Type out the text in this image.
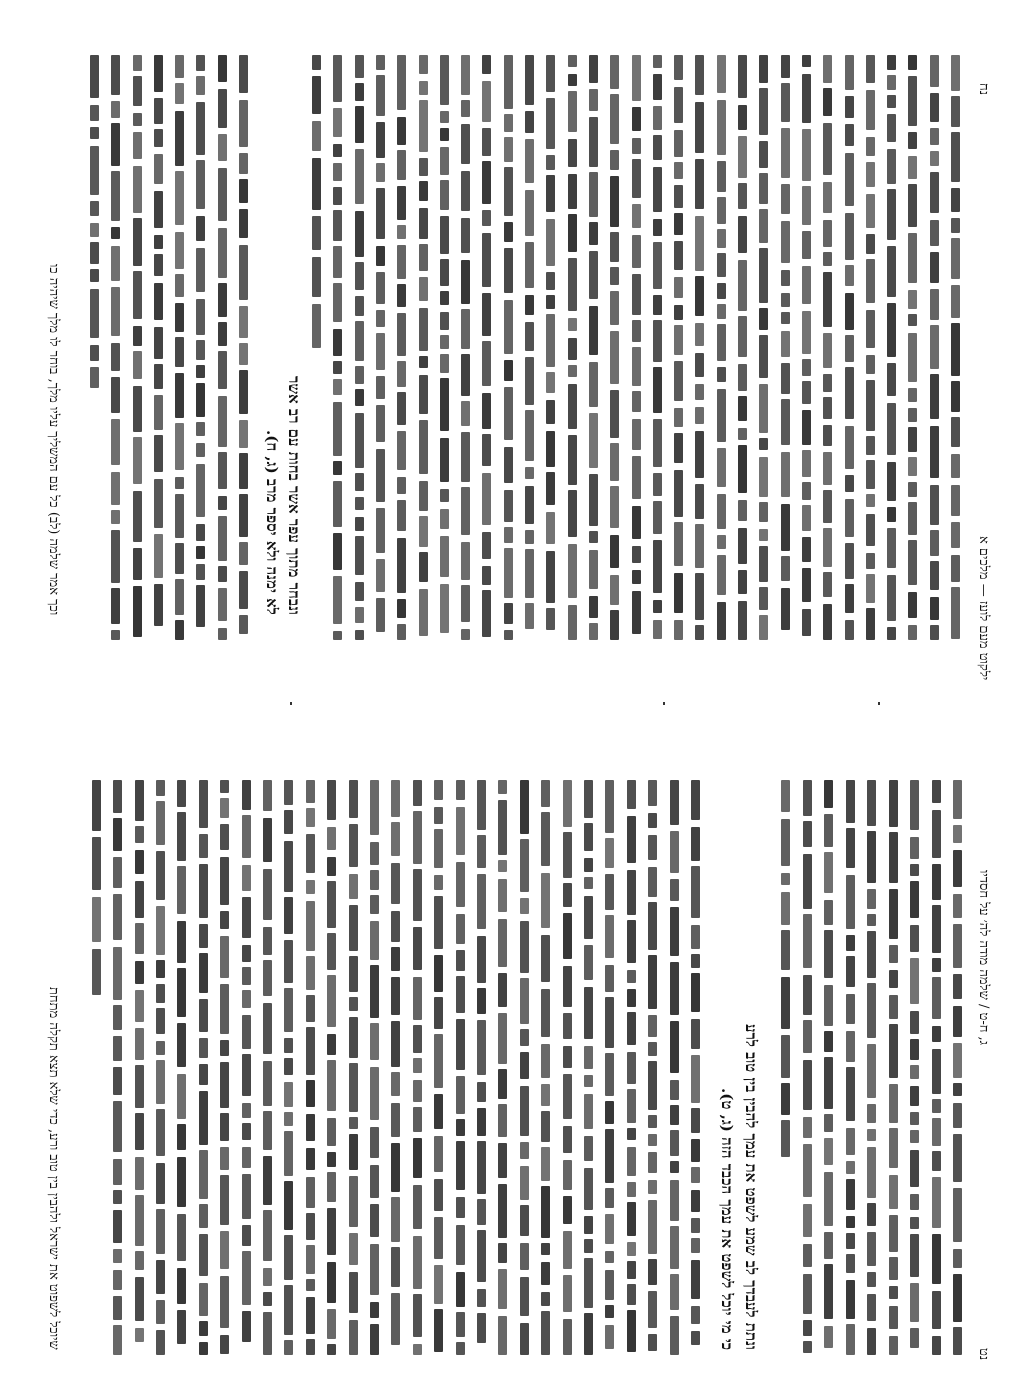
נח
ילקוט מעם לועז — מלכים א
ונבחר מתוך עפר אשר בחות עם רב אשר
לא ימנה ולא יספר מרב (ג, ח).
וכך אמר שלמה (לב) כל עם המשליך עליו מלך, בוחר לו מלך שיהיה כו
ג, ח-ט / שלמה מודה לה׳ על חסדיו
נט
ונתת לעבדך לב שמע לשפט את עמך להבין בין טוב לרע
כי מי יוכל לשפט את עמך הכבד הזה (ג, ט).
שיוכל לשפוט את ישראל ולהבין בין טוב ורע, כדי שלא תצא תקלה מתחת
